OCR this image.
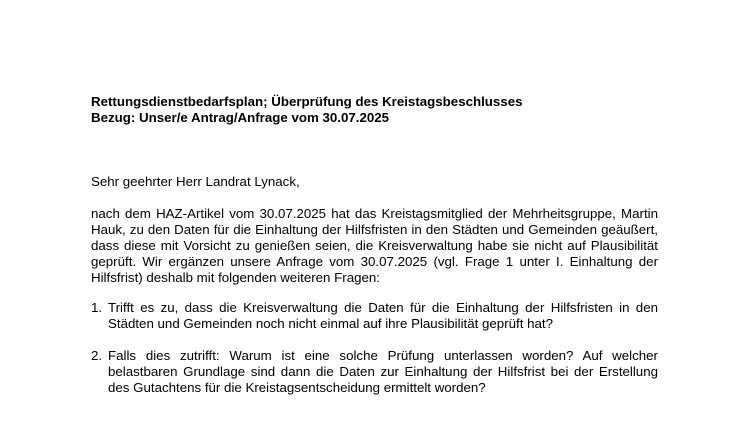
Rettungsdienstbedarfsplan; Überprüfung des Kreistagsbeschlusses
Bezug: Unser/e Antrag/Anfrage vom 30.07.2025
Sehr geehrter Herr Landrat Lynack,
nach dem HAZ-Artikel vom 30.07.2025 hat das Kreistagsmitglied der Mehrheitsgruppe, Martin Hauk, zu den Daten für die Einhaltung der Hilfsfristen in den Städten und Gemeinden geäußert, dass diese mit Vorsicht zu genießen seien, die Kreisverwaltung habe sie nicht auf Plausibilität geprüft. Wir ergänzen unsere Anfrage vom 30.07.2025 (vgl. Frage 1 unter I. Einhaltung der Hilfsfrist) deshalb mit folgenden weiteren Fragen:
1. Trifft es zu, dass die Kreisverwaltung die Daten für die Einhaltung der Hilfsfristen in den Städten und Gemeinden noch nicht einmal auf ihre Plausibilität geprüft hat?
2. Falls dies zutrifft: Warum ist eine solche Prüfung unterlassen worden? Auf welcher belastbaren Grundlage sind dann die Daten zur Einhaltung der Hilfsfrist bei der Erstellung des Gutachtens für die Kreistagsentscheidung ermittelt worden?
